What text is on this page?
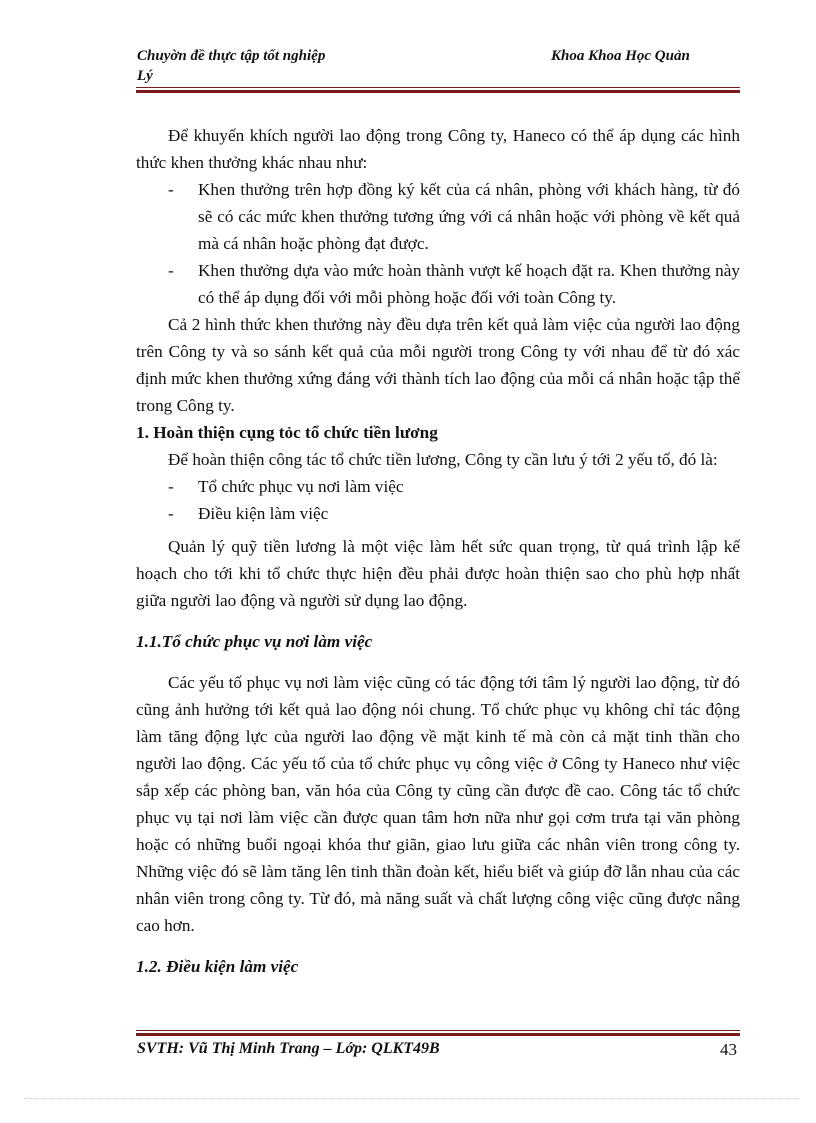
Chuyờn đề thực tập tốt nghiệp
Lý
Khoa Khoa Học Quản

Để khuyến khích người lao động trong Công ty, Haneco có thể áp dụng các hình thức khen thưởng khác nhau như:

-	Khen thưởng trên hợp đồng ký kết của cá nhân, phòng với khách hàng, từ đó sẽ có các mức khen thưởng tương ứng với cá nhân hoặc với phòng về kết quả mà cá nhân hoặc phòng đạt được.

-	Khen thưởng dựa vào mức hoàn thành vượt kế hoạch đặt ra. Khen thưởng này có thể áp dụng đối với mỗi phòng hoặc đối với toàn Công ty.

Cả 2 hình thức khen thưởng này đều dựa trên kết quả làm việc của người lao động trên Công ty và so sánh kết quả của mỗi người trong Công ty với nhau để từ đó xác định mức khen thưởng xứng đáng với thành tích lao động của mỗi cá nhân hoặc tập thể trong Công ty.

1. Hoàn thiện cụng tỏc tổ chức tiền lương

Để hoàn thiện công tác tổ chức tiền lương, Công ty cần lưu ý tới 2 yếu tố, đó là:

-	Tổ chức phục vụ nơi làm việc

-	Điều kiện làm việc

Quản lý quỹ tiền lương là một việc làm hết sức quan trọng, từ quá trình lập kế hoạch cho tới khi tổ chức thực hiện đều phải được hoàn thiện sao cho phù hợp nhất giữa người lao động và người sử dụng lao động.

1.1.Tổ chức phục vụ nơi làm việc

Các yếu tố phục vụ nơi làm việc cũng có tác động tới tâm lý người lao động, từ đó cũng ảnh hưởng tới kết quả lao động nói chung. Tổ chức phục vụ không chỉ tác động làm tăng động lực của người lao động về mặt kinh tế mà còn cả mặt tinh thần cho người lao động. Các yếu tố của tổ chức phục vụ công việc ở Công ty Haneco như việc sắp xếp các phòng ban, văn hóa của Công ty cũng cần được đề cao. Công tác tổ chức phục vụ tại nơi làm việc cần được quan tâm hơn nữa như gọi cơm trưa tại văn phòng hoặc có những buổi ngoại khóa thư giãn, giao lưu giữa các nhân viên trong công ty. Những việc đó sẽ làm tăng lên tinh thần đoàn kết, hiểu biết và giúp đỡ lẫn nhau của các nhân viên trong công ty. Từ đó, mà năng suất và chất lượng công việc cũng được nâng cao hơn.

1.2. Điều kiện làm việc

SVTH: Vũ Thị Minh Trang – Lớp: QLKT49B	43
